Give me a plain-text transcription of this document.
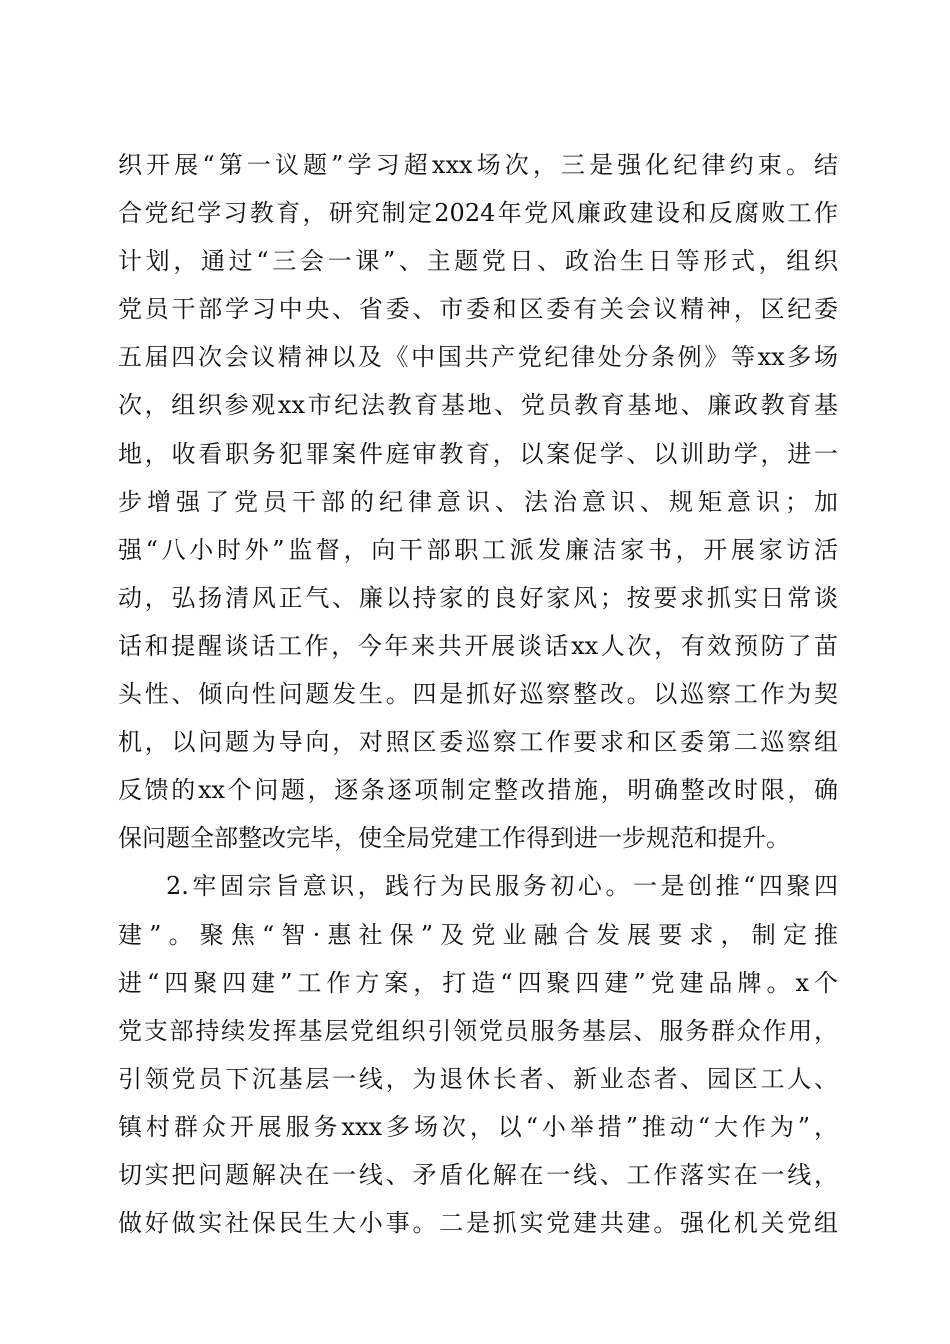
织开展“第一议题”学习超xxx场次，三是强化纪律约束。结
合党纪学习教育，研究制定2024年党风廉政建设和反腐败工作
计划，通过“三会一课”、主题党日、政治生日等形式，组织
党员干部学习中央、省委、市委和区委有关会议精神，区纪委
五届四次会议精神以及《中国共产党纪律处分条例》等xx多场
次，组织参观xx市纪法教育基地、党员教育基地、廉政教育基
地，收看职务犯罪案件庭审教育，以案促学、以训助学，进一
步增强了党员干部的纪律意识、法治意识、规矩意识；加
强“八小时外”监督，向干部职工派发廉洁家书，开展家访活
动，弘扬清风正气、廉以持家的良好家风；按要求抓实日常谈
话和提醒谈话工作，今年来共开展谈话xx人次，有效预防了苗
头性、倾向性问题发生。四是抓好巡察整改。以巡察工作为契
机，以问题为导向，对照区委巡察工作要求和区委第二巡察组
反馈的xx个问题，逐条逐项制定整改措施，明确整改时限，确
保问题全部整改完毕，使全局党建工作得到进一步规范和提升。
2.牢固宗旨意识，践行为民服务初心。一是创推“四聚四
建”。聚焦“智·惠社保”及党业融合发展要求，制定推
进“四聚四建”工作方案，打造“四聚四建”党建品牌。x个
党支部持续发挥基层党组织引领党员服务基层、服务群众作用，
引领党员下沉基层一线，为退休长者、新业态者、园区工人、
镇村群众开展服务xxx多场次，以“小举措”推动“大作为”，
切实把问题解决在一线、矛盾化解在一线、工作落实在一线，
做好做实社保民生大小事。二是抓实党建共建。强化机关党组
